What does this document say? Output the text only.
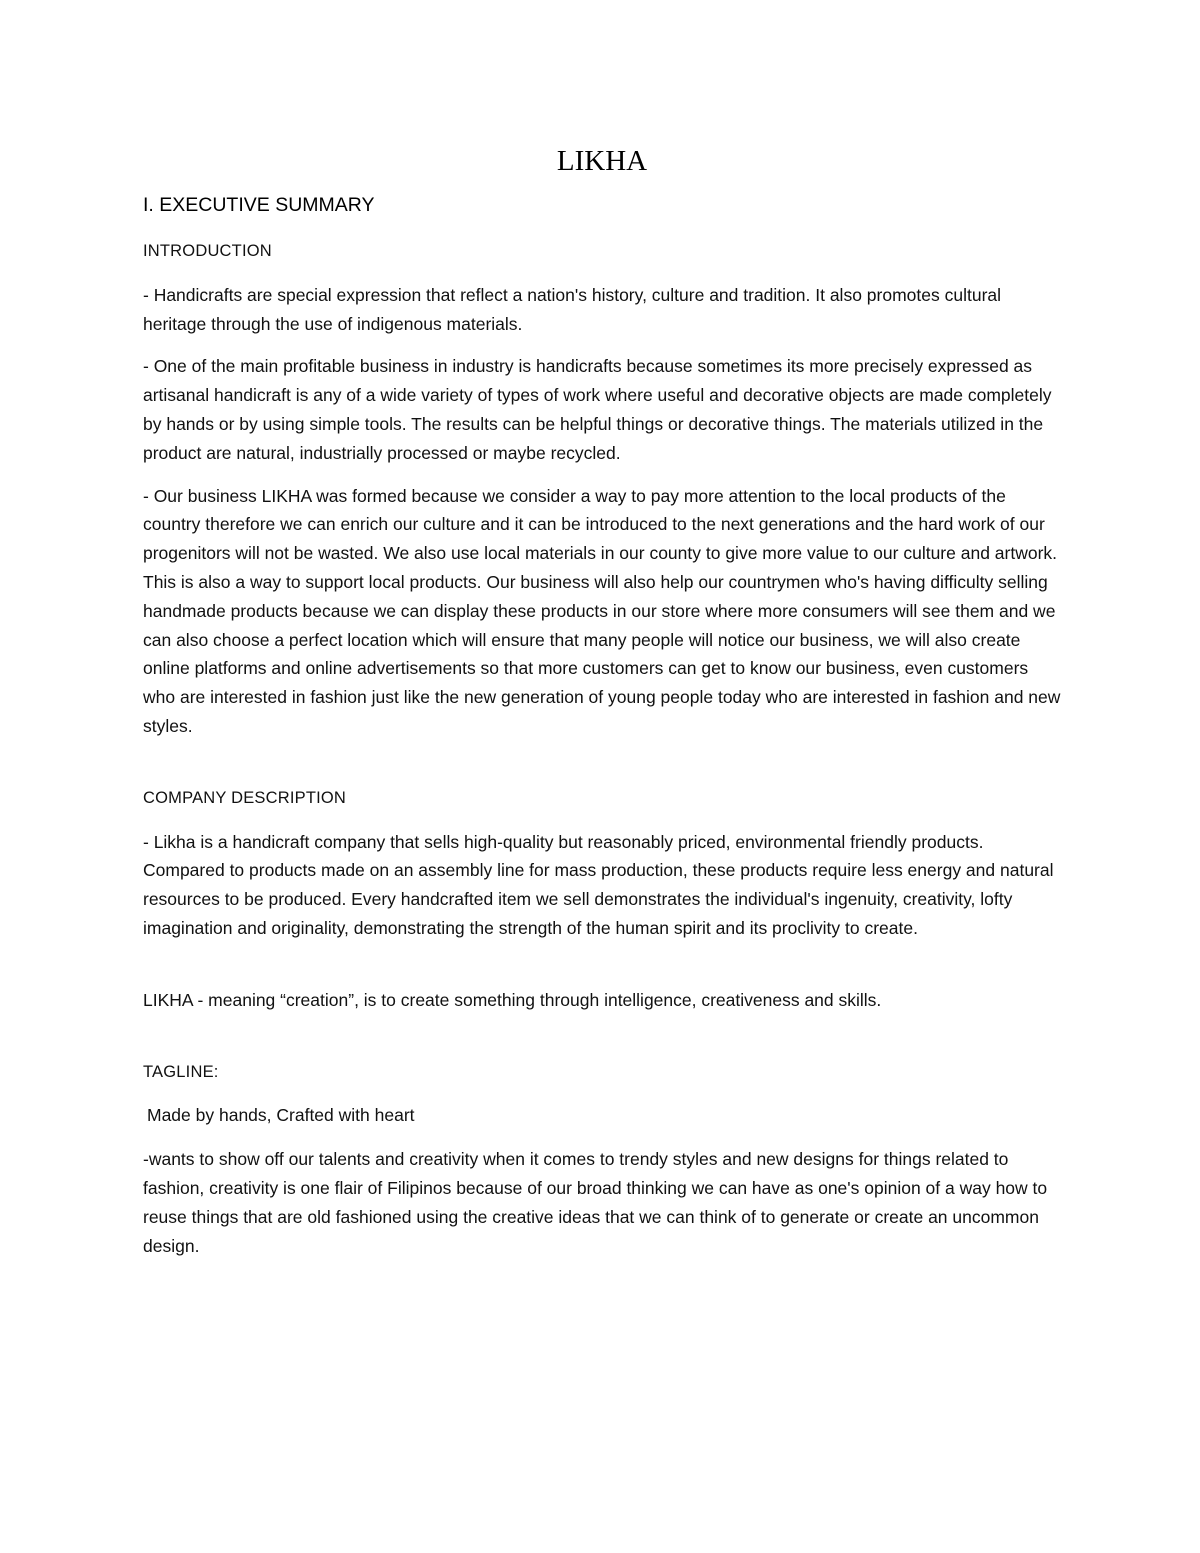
LIKHA
I. EXECUTIVE SUMMARY
INTRODUCTION

- Handicrafts are special expression that reflect a nation's history, culture and tradition. It also promotes cultural heritage through the use of indigenous materials.

- One of the main profitable business in industry is handicrafts because sometimes its more precisely expressed as artisanal handicraft is any of a wide variety of types of work where useful and decorative objects are made completely by hands or by using simple tools. The results can be helpful things or decorative things. The materials utilized in the product are natural, industrially processed or maybe recycled.

- Our business LIKHA was formed because we consider a way to pay more attention to the local products of the country therefore we can enrich our culture and it can be introduced to the next generations and the hard work of our progenitors will not be wasted. We also use local materials in our county to give more value to our culture and artwork. This is also a way to support local products. Our business will also help our countrymen who's having difficulty selling handmade products because we can display these products in our store where more consumers will see them and we can also choose a perfect location which will ensure that many people will notice our business, we will also create online platforms and online advertisements so that more customers can get to know our business, even customers who are interested in fashion just like the new generation of young people today who are interested in fashion and new styles.

COMPANY DESCRIPTION

- Likha is a handicraft company that sells high-quality but reasonably priced, environmental friendly products. Compared to products made on an assembly line for mass production, these products require less energy and natural resources to be produced. Every handcrafted item we sell demonstrates the individual's ingenuity, creativity, lofty imagination and originality, demonstrating the strength of the human spirit and its proclivity to create.

LIKHA - meaning “creation”, is to create something through intelligence, creativeness and skills.

TAGLINE:

Made by hands, Crafted with heart

-wants to show off our talents and creativity when it comes to trendy styles and new designs for things related to fashion, creativity is one flair of Filipinos because of our broad thinking we can have as one's opinion of a way how to reuse things that are old fashioned using the creative ideas that we can think of to generate or create an uncommon design.
